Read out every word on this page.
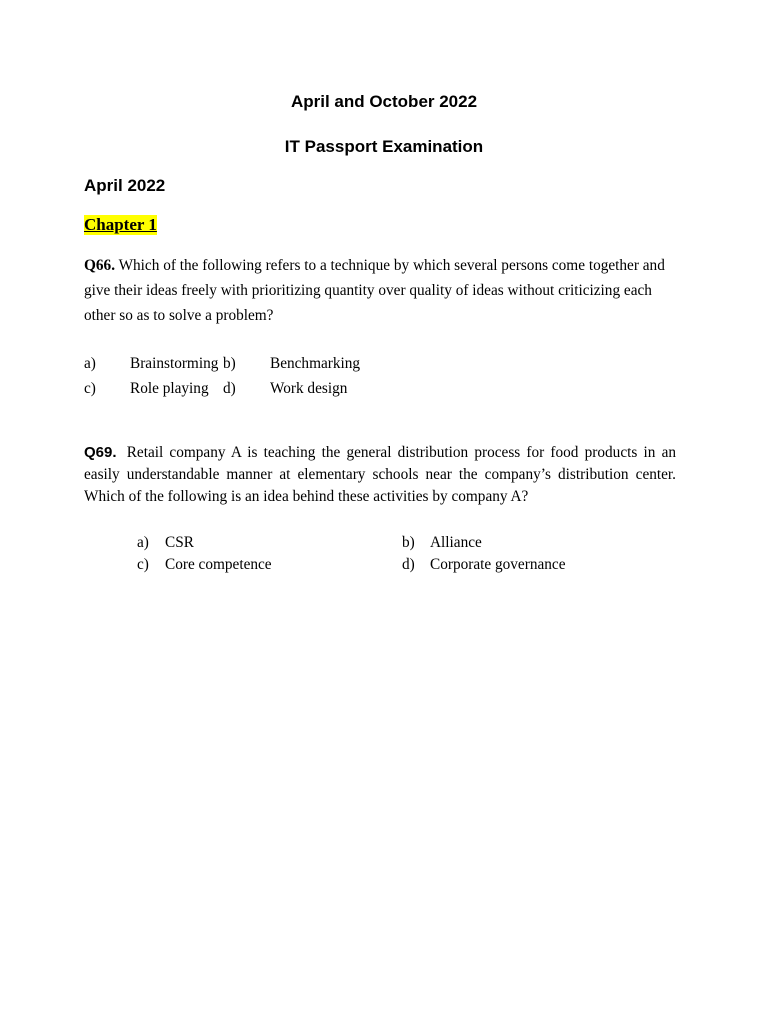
April and October 2022
IT Passport Examination
April 2022
Chapter 1
Q66. Which of the following refers to a technique by which several persons come together and give their ideas freely with prioritizing quantity over quality of ideas without criticizing each other so as to solve a problem?
a) Brainstorming b) Benchmarking
c) Role playing d) Work design
Q69. Retail company A is teaching the general distribution process for food products in an easily understandable manner at elementary schools near the company’s distribution center. Which of the following is an idea behind these activities by company A?
a) CSR	b) Alliance
c) Core competence	d) Corporate governance
